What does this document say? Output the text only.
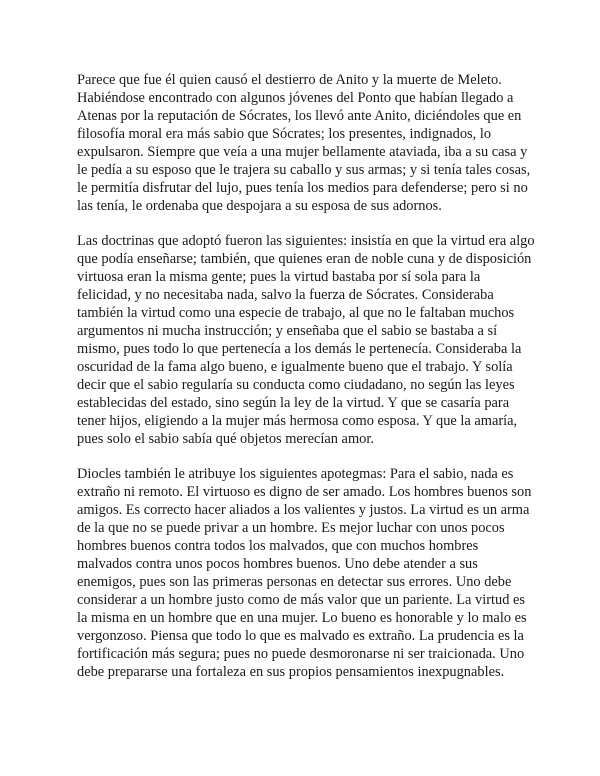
Parece que fue él quien causó el destierro de Anito y la muerte de Meleto. Habiéndose encontrado con algunos jóvenes del Ponto que habían llegado a Atenas por la reputación de Sócrates, los llevó ante Anito, diciéndoles que en filosofía moral era más sabio que Sócrates; los presentes, indignados, lo expulsaron. Siempre que veía a una mujer bellamente ataviada, iba a su casa y le pedía a su esposo que le trajera su caballo y sus armas; y si tenía tales cosas, le permitía disfrutar del lujo, pues tenía los medios para defenderse; pero si no las tenía, le ordenaba que despojara a su esposa de sus adornos.

Las doctrinas que adoptó fueron las siguientes: insistía en que la virtud era algo que podía enseñarse; también, que quienes eran de noble cuna y de disposición virtuosa eran la misma gente; pues la virtud bastaba por sí sola para la felicidad, y no necesitaba nada, salvo la fuerza de Sócrates. Consideraba también la virtud como una especie de trabajo, al que no le faltaban muchos argumentos ni mucha instrucción; y enseñaba que el sabio se bastaba a sí mismo, pues todo lo que pertenecía a los demás le pertenecía. Consideraba la oscuridad de la fama algo bueno, e igualmente bueno que el trabajo. Y solía decir que el sabio regularía su conducta como ciudadano, no según las leyes establecidas del estado, sino según la ley de la virtud. Y que se casaría para tener hijos, eligiendo a la mujer más hermosa como esposa. Y que la amaría, pues solo el sabio sabía qué objetos merecían amor.

Diocles también le atribuye los siguientes apotegmas: Para el sabio, nada es extraño ni remoto. El virtuoso es digno de ser amado. Los hombres buenos son amigos. Es correcto hacer aliados a los valientes y justos. La virtud es un arma de la que no se puede privar a un hombre. Es mejor luchar con unos pocos hombres buenos contra todos los malvados, que con muchos hombres malvados contra unos pocos hombres buenos. Uno debe atender a sus enemigos, pues son las primeras personas en detectar sus errores. Uno debe considerar a un hombre justo como de más valor que un pariente. La virtud es la misma en un hombre que en una mujer. Lo bueno es honorable y lo malo es vergonzoso. Piensa que todo lo que es malvado es extraño. La prudencia es la fortificación más segura; pues no puede desmoronarse ni ser traicionada. Uno debe prepararse una fortaleza en sus propios pensamientos inexpugnables.
